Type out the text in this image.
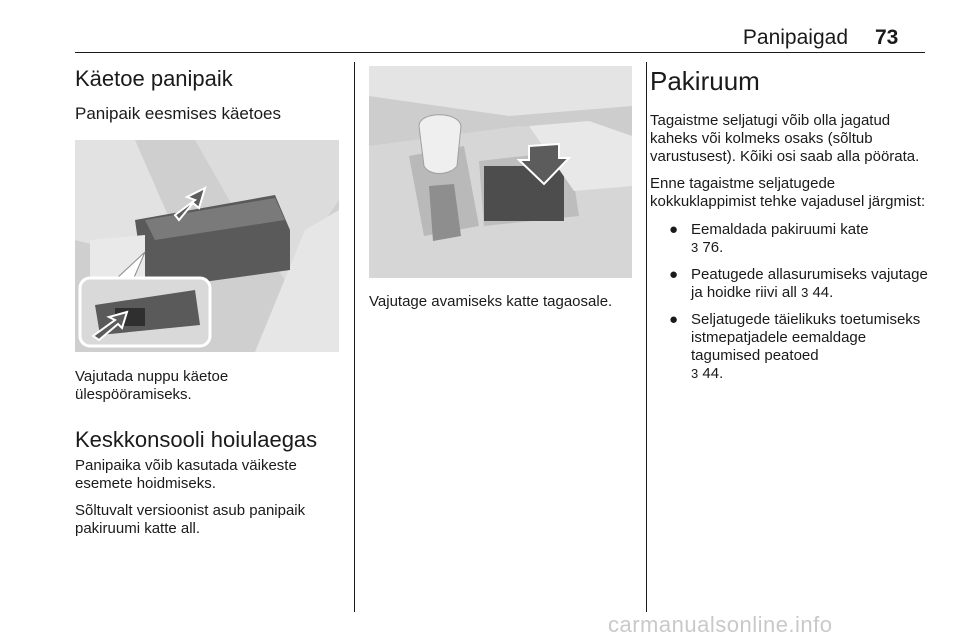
Panipaigad 73
Käetoe panipaik
Panipaik eesmises käetoes

Vajutada nuppu käetoe ülespööramiseks.

Keskkonsooli hoiulaegas

Panipaika võib kasutada väikeste esemete hoidmiseks.

Sõltuvalt versioonist asub panipaik pakiruumi katte all.

Vajutage avamiseks katte tagaosale.

Pakiruum

Tagaistme seljatugi võib olla jagatud kaheks või kolmeks osaks (sõltub varustusest). Kõiki osi saab alla pöörata.

Enne tagaistme seljatugede kokkuklappimist tehke vajadusel järgmist:

● Eemaldada pakiruumi kate
3 76.
● Peatugede allasurumiseks vajutage ja hoidke riivi all 3 44.
● Seljatugede täielikuks toetumiseks istmepatjadele eemaldage tagumised peatoed
3 44.
carmanualsonline.info
